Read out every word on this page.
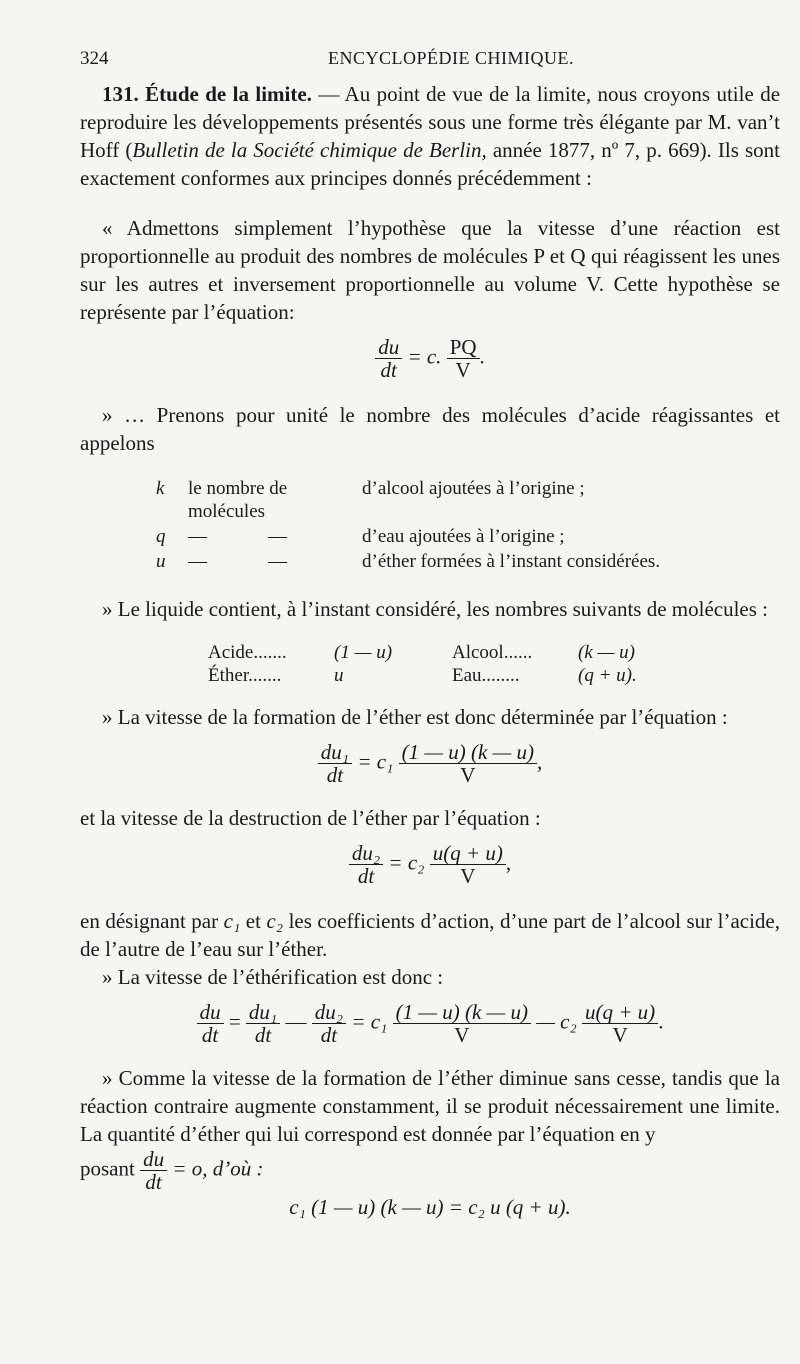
324	ENCYCLOPÉDIE CHIMIQUE.

131. Étude de la limite. — Au point de vue de la limite, nous croyons utile de reproduire les développements présentés sous une forme très élégante par M. van’t Hoff (Bulletin de la Société chimique de Berlin, année 1877, nº 7, p. 669). Ils sont exactement conformes aux principes donnés précédemment :

« Admettons simplement l’hypothèse que la vitesse d’une réaction est proportionnelle au produit des nombres de molécules P et Q qui réagissent les unes sur les autres et inversement proportionnelle au volume V. Cette hypothèse se représente par l’équation:

$\frac{du}{dt} = c$. $\frac{PQ}{V}$ .

» … Prenons pour unité le nombre des molécules d’acide réagissantes et appelons

k	le nombre de molécules		d’alcool ajoutées à l’origine ;
q	—	—	d’eau ajoutées à l’origine ;
u	—	—	d’éther formées à l’instant considérées.

» Le liquide contient, à l’instant considéré, les nombres suivants de molécules :

Acide.......	(1 — u)	Alcool......	(k — u)
Éther.......	u	Eau........	(q + u).

» La vitesse de la formation de l’éther est donc déterminée par l’équation :

$\frac{\text{du₁}}{dt} = c_1 \frac{(1 — u) (k — u)}{V}$ ,

et la vitesse de la destruction de l’éther par l’équation :

$\frac{\text{du₂}}{dt} = c_2 \frac{u(q + u)}{V}$ ,

en désignant par c₁ et c₂ les coefficients d’action, d’une part de l’alcool sur l’acide, de l’autre de l’eau sur l’éther.

» La vitesse de l’éthérification est donc :

$\frac{du}{dt} = \frac{\text{du₁}}{dt}$ — $\frac{\text{du₂}}{dt} = c_1 \frac{(1 — u) (k — u)}{V}$ — $c_2 \frac{u(q + u)}{V}$ .

» Comme la vitesse de la formation de l’éther diminue sans cesse, tandis que la réaction contraire augmente constamment, il se produit nécessairement une limite. La quantité d’éther qui lui correspond est donnée par l’équation en y

posant $\frac{du}{dt} = o$, d’où :

c₁ (1 — u) (k — u) = c₂ u (q + u).
